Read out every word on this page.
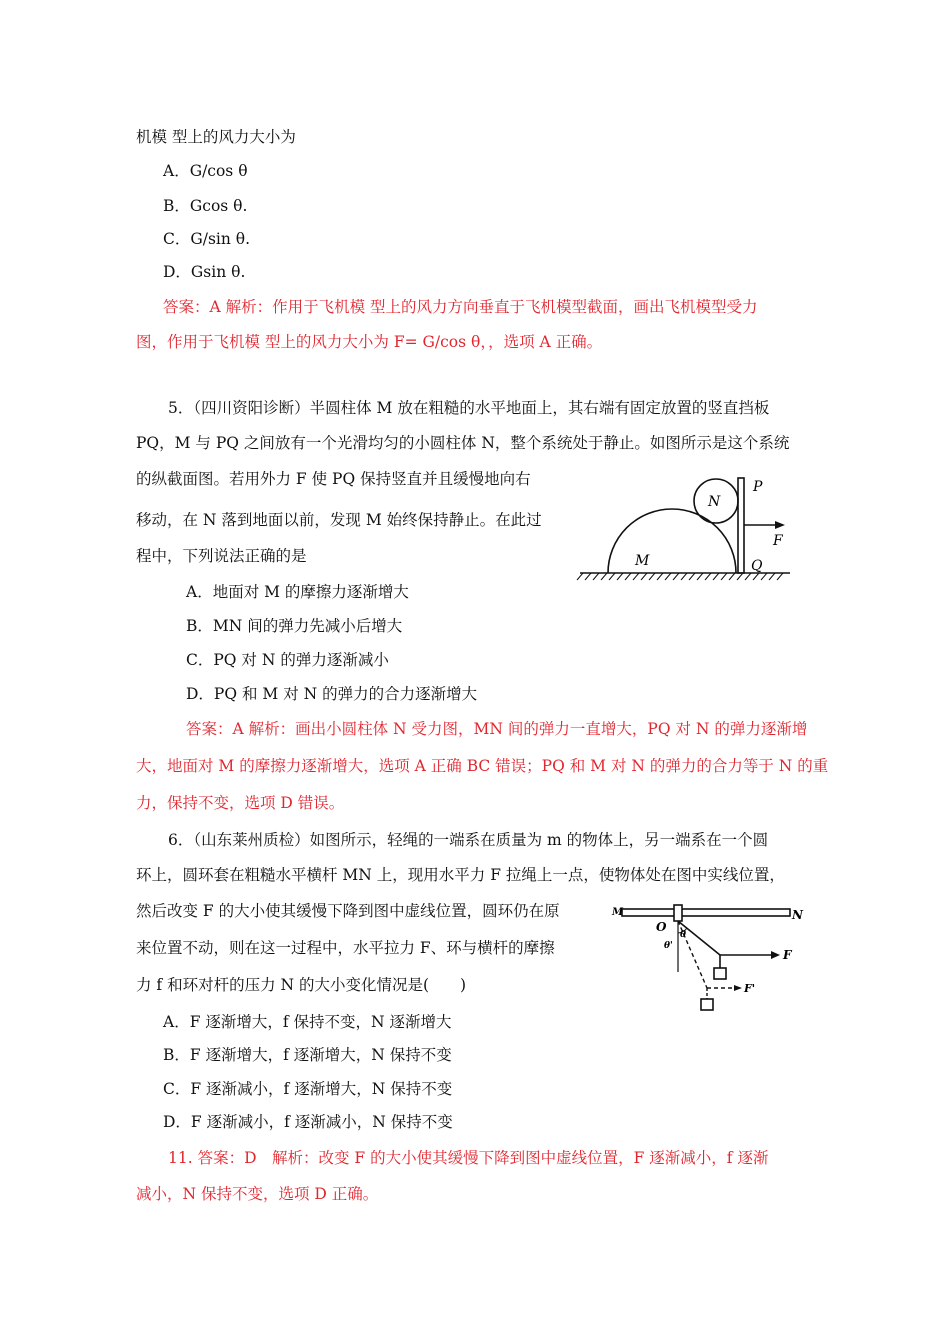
机模 型上的风力大小为
A．G/cos θ
B．Gcos θ.
C．G/sin θ.
D．Gsin θ.
答案：A 解析：作用于飞机模 型上的风力方向垂直于飞机模型截面，画出飞机模型受力
图，作用于飞机模 型上的风力大小为 F= G/cos θ，，选项 A 正确。
5．（四川资阳诊断）半圆柱体 M 放在粗糙的水平地面上，其右端有固定放置的竖直挡板
PQ，M 与 PQ 之间放有一个光滑均匀的小圆柱体 N，整个系统处于静止。如图所示是这个系统
的纵截面图。若用外力 F 使 PQ 保持竖直并且缓慢地向右
移动，在 N 落到地面以前，发现 M 始终保持静止。在此过
程中，下列说法正确的是
P
N
F
M	Q
A．地面对 M 的摩擦力逐渐增大
B．MN 间的弹力先减小后增大
C．PQ 对 N 的弹力逐渐减小
D．PQ 和 M 对 N 的弹力的合力逐渐增大
答案：A 解析：画出小圆柱体 N 受力图，MN 间的弹力一直增大，PQ 对 N 的弹力逐渐增
大，地面对 M 的摩擦力逐渐增大，选项 A 正确 BC 错误；PQ 和 M 对 N 的弹力的合力等于 N 的重
力，保持不变，选项 D 错误。
6．（山东莱州质检）如图所示，轻绳的一端系在质量为 m 的物体上，另一端系在一个圆
环上，圆环套在粗糙水平横杆 MN 上，现用水平力 F 拉绳上一点，使物体处在图中实线位置，
然后改变 F 的大小使其缓慢下降到图中虚线位置，圆环仍在原
来位置不动，则在这一过程中，水平拉力 F、环与横杆的摩擦
力 f 和环对杆的压力 N 的大小变化情况是(　　)
M	N
O
F
F'
θ
θ'
A．F 逐渐增大，f 保持不变，N 逐渐增大
B．F 逐渐增大，f 逐渐增大，N 保持不变
C．F 逐渐减小，f 逐渐增大，N 保持不变
D．F 逐渐减小，f 逐渐减小，N 保持不变
11. 答案：D　解析：改变 F 的大小使其缓慢下降到图中虚线位置，F 逐渐减小，f 逐渐
减小，N 保持不变，选项 D 正确。
